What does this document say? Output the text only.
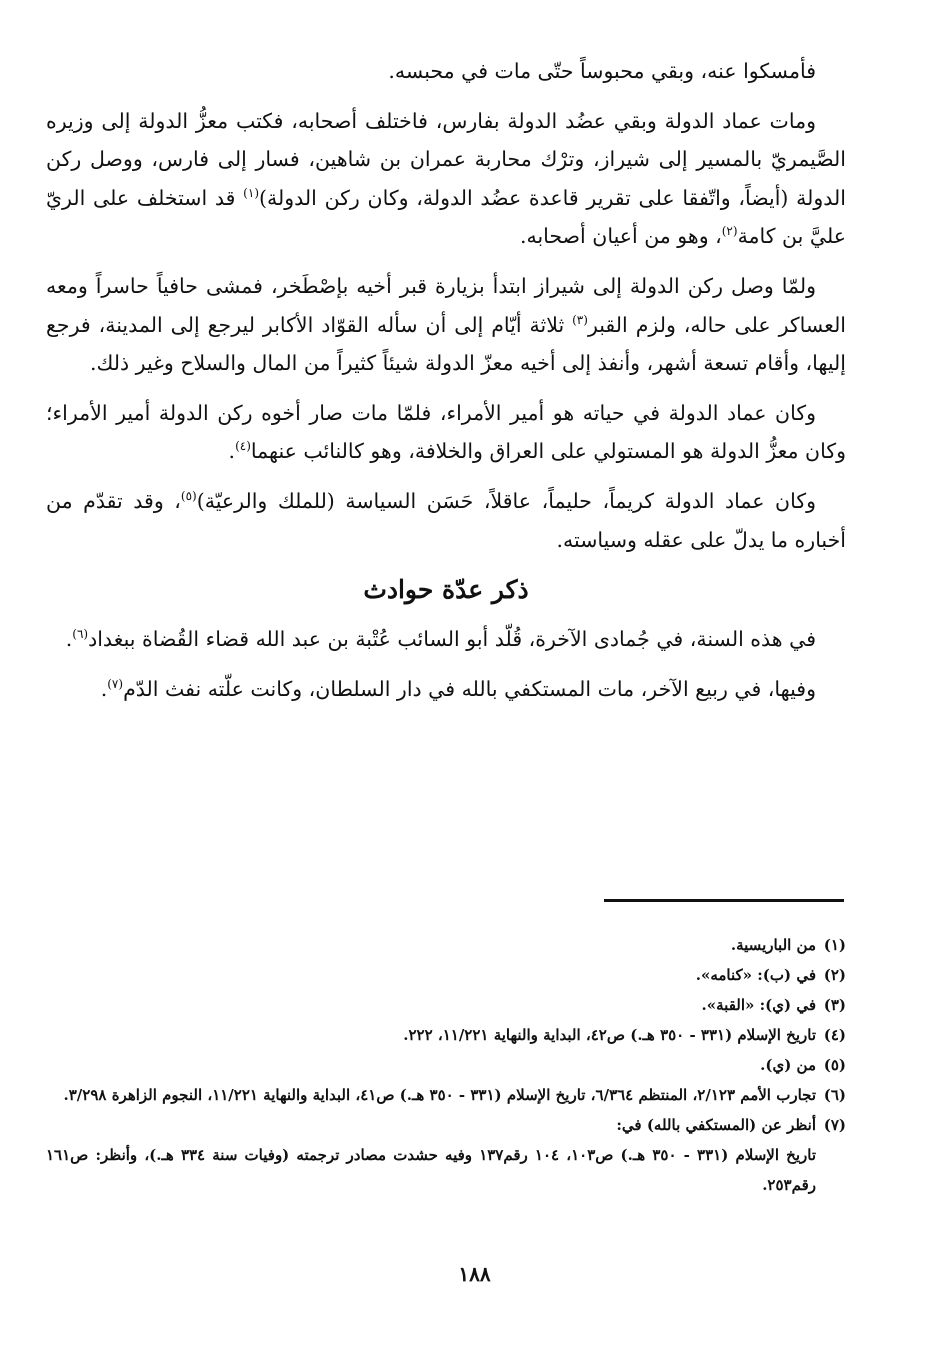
فأمسكوا عنه، وبقي محبوساً حتّى مات في محبسه.

ومات عماد الدولة وبقي عضُد الدولة بفارس، فاختلف أصحابه، فكتب معزُّ الدولة إلى وزيره الصَّيمريّ بالمسير إلى شيراز، وترْك محاربة عمران بن شاهين، فسار إلى فارس، ووصل ركن الدولة (أيضاً، واتّفقا على تقرير قاعدة عضُد الدولة، وكان ركن الدولة)$^{(١)}$ قد استخلف على الريّ عليَّ بن كامة$^{(٢)}$، وهو من أعيان أصحابه.

ولمّا وصل ركن الدولة إلى شيراز ابتدأ بزيارة قبر أخيه بإصْطَخر، فمشى حافياً حاسراً ومعه العساكر على حاله، ولزم القبر$^{(٣)}$ ثلاثة أيّام إلى أن سأله القوّاد الأكابر ليرجع إلى المدينة، فرجع إليها، وأقام تسعة أشهر، وأنفذ إلى أخيه معزّ الدولة شيئاً كثيراً من المال والسلاح وغير ذلك.

وكان عماد الدولة في حياته هو أمير الأمراء، فلمّا مات صار أخوه ركن الدولة أمير الأمراء؛ وكان معزُّ الدولة هو المستولي على العراق والخلافة، وهو كالنائب عنهما$^{(٤)}$.

وكان عماد الدولة كريماً، حليماً، عاقلاً، حَسَن السياسة (للملك والرعيّة)$^{(٥)}$، وقد تقدّم من أخباره ما يدلّ على عقله وسياسته.

ذكر عدّة حوادث

في هذه السنة، في جُمادى الآخرة، قُلّد أبو السائب عُتْبة بن عبد الله قضاء القُضاة ببغداد$^{(٦)}$.

وفيها، في ربيع الآخر، مات المستكفي بالله في دار السلطان، وكانت علّته نفث الدّم$^{(٧)}$.

(١)
من الباريسية.
(٢)
في (ب): «كنامه».
(٣)
في (ي): «القبة».
(٤)
تاريخ الإسلام (٣٣١ - ٣٥٠ هـ.) ص٤٢، البداية والنهاية ١١/٢٢١، ٢٢٢.
(٥)
من (ي).
(٦)
تجارب الأمم ٢/١٢٣، المنتظم ٦/٣٦٤، تاريخ الإسلام (٣٣١ - ٣٥٠ هـ.) ص٤١، البداية والنهاية ١١/٢٢١، النجوم الزاهرة ٣/٢٩٨.
(٧)
أنظر عن (المستكفي بالله) في:
تاريخ الإسلام (٣٣١ - ٣٥٠ هـ.) ص١٠٣، ١٠٤ رقم١٣٧ وفيه حشدت مصادر ترجمته (وفيات سنة ٣٣٤ هـ.)، وأنظر: ص١٦١ رقم٢٥٣.
١٨٨
